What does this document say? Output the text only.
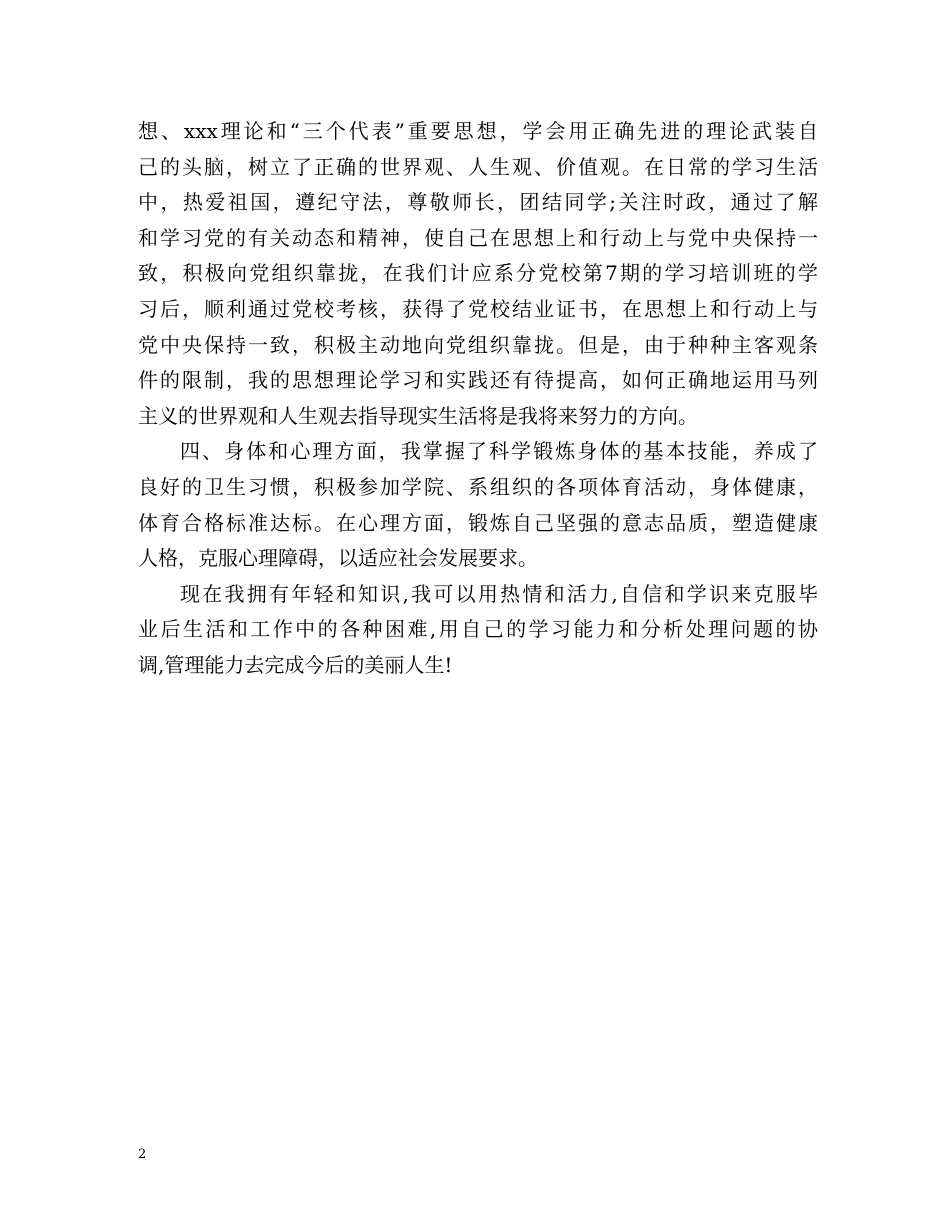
想、xxx理论和“三个代表”重要思想，学会用正确先进的理论武装自
己的头脑，树立了正确的世界观、人生观、价值观。在日常的学习生活
中，热爱祖国，遵纪守法，尊敬师长，团结同学;关注时政，通过了解
和学习党的有关动态和精神，使自己在思想上和行动上与党中央保持一
致，积极向党组织靠拢，在我们计应系分党校第7期的学习培训班的学
习后，顺利通过党校考核，获得了党校结业证书，在思想上和行动上与
党中央保持一致，积极主动地向党组织靠拢。但是，由于种种主客观条
件的限制，我的思想理论学习和实践还有待提高，如何正确地运用马列
主义的世界观和人生观去指导现实生活将是我将来努力的方向。
四、身体和心理方面，我掌握了科学锻炼身体的基本技能，养成了
良好的卫生习惯，积极参加学院、系组织的各项体育活动，身体健康，
体育合格标准达标。在心理方面，锻炼自己坚强的意志品质，塑造健康
人格，克服心理障碍，以适应社会发展要求。
现在我拥有年轻和知识,我可以用热情和活力,自信和学识来克服毕
业后生活和工作中的各种困难,用自己的学习能力和分析处理问题的协
调,管理能力去完成今后的美丽人生!
2
